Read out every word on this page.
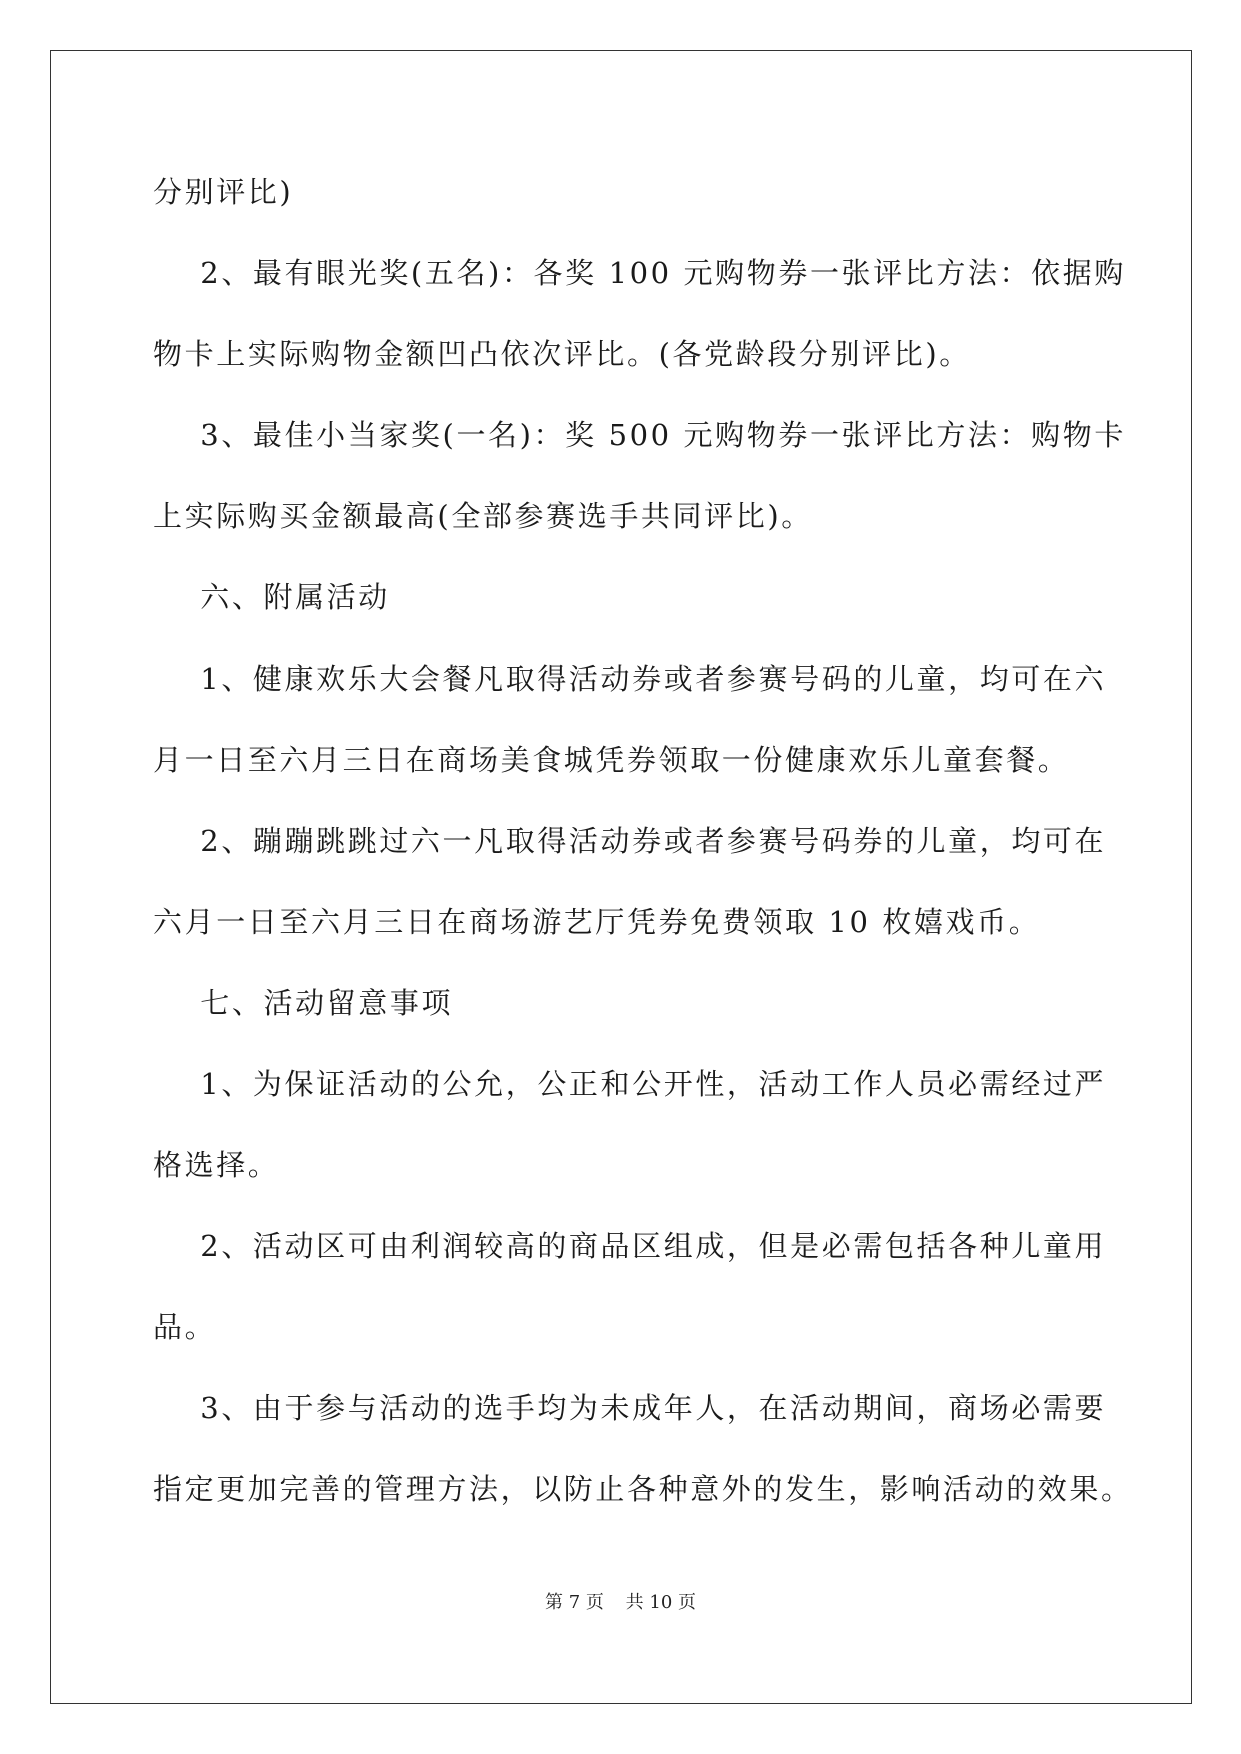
分别评比)
2、最有眼光奖(五名)：各奖 100 元购物券一张评比方法：依据购
物卡上实际购物金额凹凸依次评比。(各党龄段分别评比)。
3、最佳小当家奖(一名)：奖 500 元购物券一张评比方法：购物卡
上实际购买金额最高(全部参赛选手共同评比)。
六、附属活动
1、健康欢乐大会餐凡取得活动券或者参赛号码的儿童，均可在六
月一日至六月三日在商场美食城凭券领取一份健康欢乐儿童套餐。
2、蹦蹦跳跳过六一凡取得活动券或者参赛号码券的儿童，均可在
六月一日至六月三日在商场游艺厅凭券免费领取 10 枚嬉戏币。
七、活动留意事项
1、为保证活动的公允，公正和公开性，活动工作人员必需经过严
格选择。
2、活动区可由利润较高的商品区组成，但是必需包括各种儿童用
品。
3、由于参与活动的选手均为未成年人，在活动期间，商场必需要
指定更加完善的管理方法，以防止各种意外的发生，影响活动的效果。
第 7 页 共 10 页
